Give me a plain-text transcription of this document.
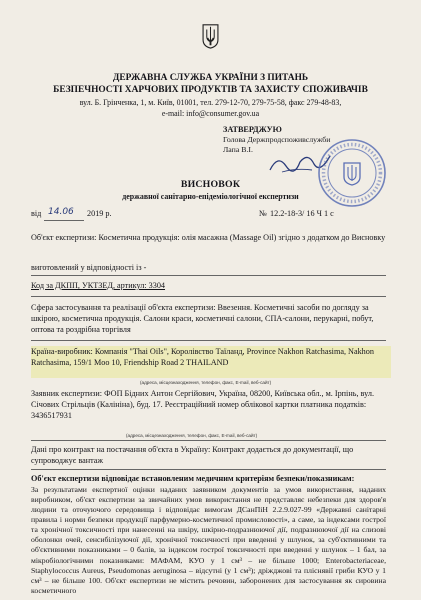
ДЕРЖАВНА СЛУЖБА УКРАЇНИ З ПИТАНЬ
БЕЗПЕЧНОСТІ ХАРЧОВИХ ПРОДУКТІВ ТА ЗАХИСТУ СПОЖИВАЧІВ
вул. Б. Грінченка, 1, м. Київ, 01001, тел. 279-12-70, 279-75-58, факс 279-48-83,
e-mail: info@consumer.gov.ua
ЗАТВЕРДЖУЮ
Голова Держпродспоживслужби
Лапа В.І.
ВИСНОВОК
державної санітарно-епідеміологічної експертизи
від 14.06 2019 р.	№ 12.2-18-3/ 16 Ч 1 с
Об'єкт експертизи: Косметична продукція: олія масажна (Massage Oil) згідно з додатком до Висновку
виготовлений у відповідності із -
Код за ДКПП, УКТЗЕД, артикул: 3304
Сфера застосування та реалізації об'єкта експертизи: Ввезення. Косметичні засоби по догляду за шкірою, косметична продукція. Салони краси, косметичні салони, СПА-салони, перукарні, побут, оптова та роздрібна торгівля
Країна-виробник: Компанія "Thai Oils", Королівство Таїланд, Province Nakhon Ratchasima, Nakhon Ratchasima, 159/1 Moo 10, Friendship Road 2 THAILAND
(адреса, місцезнаходження, телефон, факс, E-mail, веб-сайт)
Заявник експертизи: ФОП Бідних Антон Сергійович, Україна, 08200, Київська обл., м. Ірпінь, вул. Січових Стрільців (Калініна), буд. 17. Реєстраційний номер облікової картки платника податків: 3436517931
(адреса, місцезнаходження, телефон, факс, E-mail, веб-сайт)
Дані про контракт на постачання об'єкта в Україну: Контракт додається до документації, що супроводжує вантаж
Об'єкт експертизи відповідає встановленим медичним критеріям безпеки/показникам:
За результатами експертної оцінки наданих заявником документів за умов використання, наданих виробником, об'єкт експертизи за звичайних умов використання не представляє небезпеки для здоров'я людини та оточуючого середовища і відповідає вимогам ДСанПіН 2.2.9.027-99 «Державні санітарні правила і норми безпеки продукції парфумерно-косметичної промисловості», а саме, за індексами гострої та хронічної токсичності при нанесенні на шкіру, шкірно-подразнюючої дії, подразнюючої дії на слизові оболонки очей, сенсибілізуючої дії, хронічної токсичності при введенні у шлунок, за суб'єктивними та об'єктивними показниками – 0 балів, за індексом гострої токсичності при введенні у шлунок – 1 бал, за мікробіологічними показниками: МАФАМ, КУО у 1 см³ – не більше 1000; Enterobacteriaceae, Staphylococcus Aureus, Pseudomonas aeruginosa – відсутні (у 1 см³); дріжджові та пліснявії гриби КУО у 1 см³ – не більше 100. Об'єкт експертизи не містить речовин, заборонених для застосування як сировина косметичного
